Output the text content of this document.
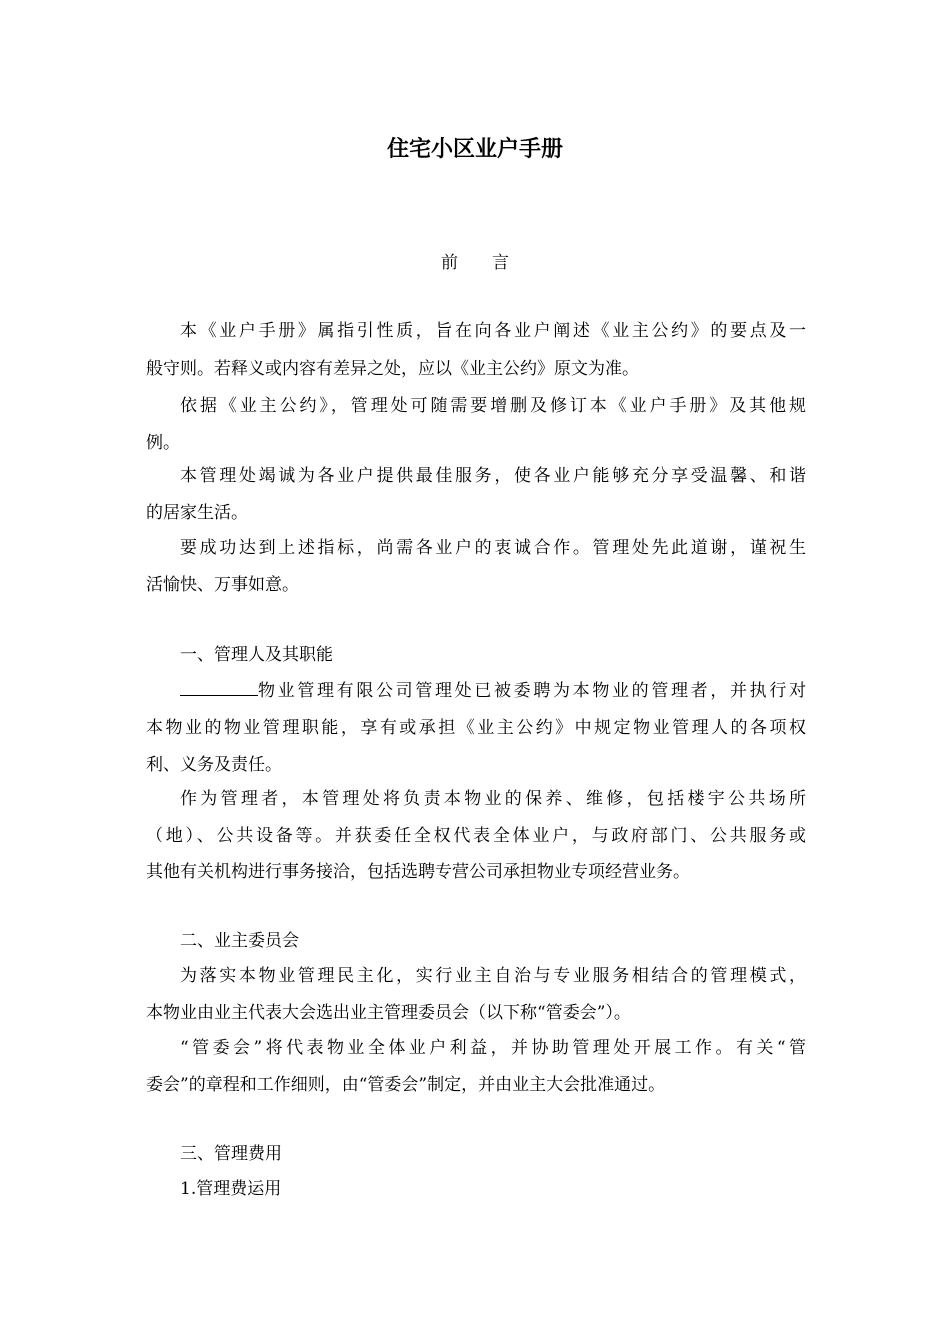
住宅小区业户手册
前　　言
本《业户手册》属指引性质，旨在向各业户阐述《业主公约》的要点及一
般守则。若释义或内容有差异之处，应以《业主公约》原文为准。
依据《业主公约》，管理处可随需要增删及修订本《业户手册》及其他规
例。
本管理处竭诚为各业户提供最佳服务，使各业户能够充分享受温馨、和谐
的居家生活。
要成功达到上述指标，尚需各业户的衷诚合作。管理处先此道谢，谨祝生
活愉快、万事如意。
一、管理人及其职能
物业管理有限公司管理处已被委聘为本物业的管理者，并执行对
本物业的物业管理职能，享有或承担《业主公约》中规定物业管理人的各项权
利、义务及责任。
作为管理者，本管理处将负责本物业的保养、维修，包括楼宇公共场所
（地）、公共设备等。并获委任全权代表全体业户，与政府部门、公共服务或
其他有关机构进行事务接洽，包括选聘专营公司承担物业专项经营业务。
二、业主委员会
为落实本物业管理民主化，实行业主自治与专业服务相结合的管理模式，
本物业由业主代表大会选出业主管理委员会（以下称“管委会”）。
“管委会”将代表物业全体业户利益，并协助管理处开展工作。有关“管
委会”的章程和工作细则，由“管委会”制定，并由业主大会批准通过。
三、管理费用
1.管理费运用
